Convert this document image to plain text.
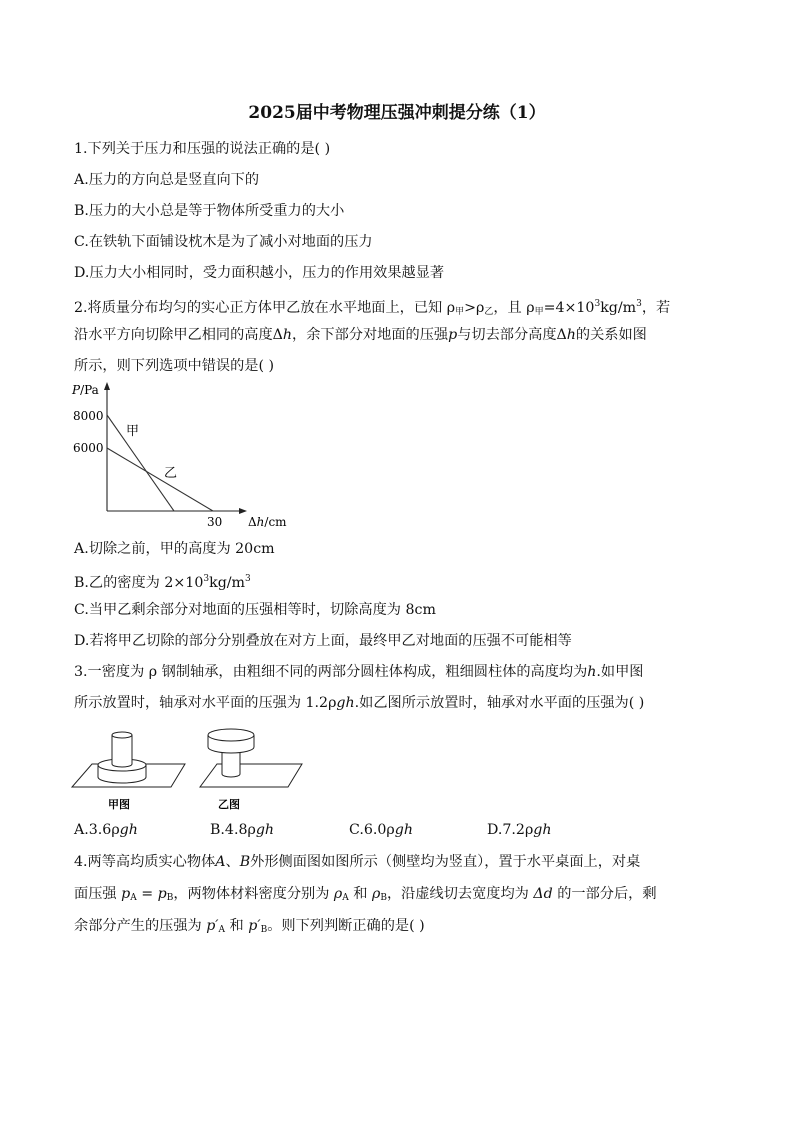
2025届中考物理压强冲刺提分练（1）
1.下列关于压力和压强的说法正确的是( )
A.压力的方向总是竖直向下的
B.压力的大小总是等于物体所受重力的大小
C.在铁轨下面铺设枕木是为了减小对地面的压力
D.压力大小相同时，受力面积越小，压力的作用效果越显著
2.将质量分布均匀的实心正方体甲乙放在水平地面上，已知 $\rho_甲>\rho_乙$，且 $\rho_甲=4\times 10^3kg/m^3$，若
沿水平方向切除甲乙相同的高度Δh，余下部分对地面的压强p与切去部分高度Δh的关系如图
所示，则下列选项中错误的是( )
P/Pa
8000
6000
甲
乙
30 Δh/cm
A.切除之前，甲的高度为 20cm
B.乙的密度为 $2\times 10^3kg/m^3$
C.当甲乙剩余部分对地面的压强相等时，切除高度为 8cm
D.若将甲乙切除的部分分别叠放在对方上面，最终甲乙对地面的压强不可能相等
3.一密度为 ρ 钢制轴承，由粗细不同的两部分圆柱体构成，粗细圆柱体的高度均为h.如甲图
所示放置时，轴承对水平面的压强为 1.2ρgh.如乙图所示放置时，轴承对水平面的压强为( )
甲图	乙图
A.3.6ρgh	B.4.8ρgh	C.6.0ρgh	D.7.2ρgh
4.两等高均质实心物体A、B外形侧面图如图所示（侧壁均为竖直），置于水平桌面上，对桌
面压强 $p_A = p_B$，两物体材料密度分别为 $\rho_A$ 和 $\rho_B$，沿虚线切去宽度均为 Δd 的一部分后，剩
余部分产生的压强为 $p'_A$ 和 $p'_B$。则下列判断正确的是( )
